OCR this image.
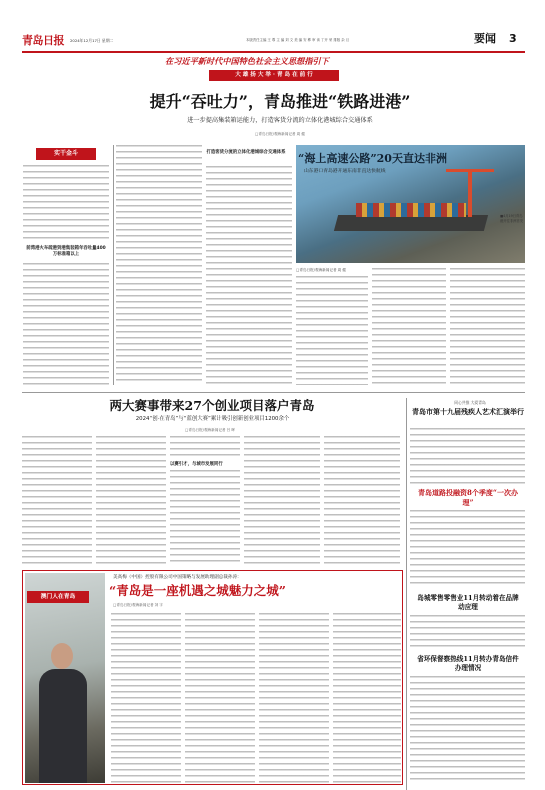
青岛日报 2024年12月17日 星期二	本版责任主编 王 尊 主 编 刘 文 美 编 安 彝 审 读 丁开 荣 排版 杂 旦	要闻 3
在习近平新时代中国特色社会主义思想指引下
大 雄 扬 大 举 · 青 岛 在 前 行
提升“吞吐力”，青岛推进“铁路进港”
进一步提高集装箱运能力，打造客货分流的立体化港城综合交通体系
□青岛日报/观海新闻记者 周 健
实干金斗
前湾港火车疏港到港集装箱年吞吐量400万标准箱以上
打造客货分流的立体化港城综合交通体系 “海上高速公路”20天直达非洲
山东港口青岛港开通东南非直达快航线
■4月19日青岛港开往非洲首发
□青岛日报/观海新闻记者 周 健
两大赛事带来27个创业项目落户青岛
2024“创·在青岛”与“蓝创大赛”累计吸引创新创业项目1200余个
□青岛日报/观海新闻记者 吕 晖
以赛引才，与城市发展同行
同心共推 大爱青岛
青岛市第十九届残疾人艺术汇演举行
青岛道路投融资8个季度“一次办理”
岛城零售零售业11月转动着在品牌动应理
省环保督察热线11月转办青岛信件办理情况
美高梅（中国）控股有限公司中国策略与发展助理副总裁孙涛：
“青岛是一座机遇之城魅力之城”
□青岛日报/观海新闻记者 刘 宇
澳门人在青岛
